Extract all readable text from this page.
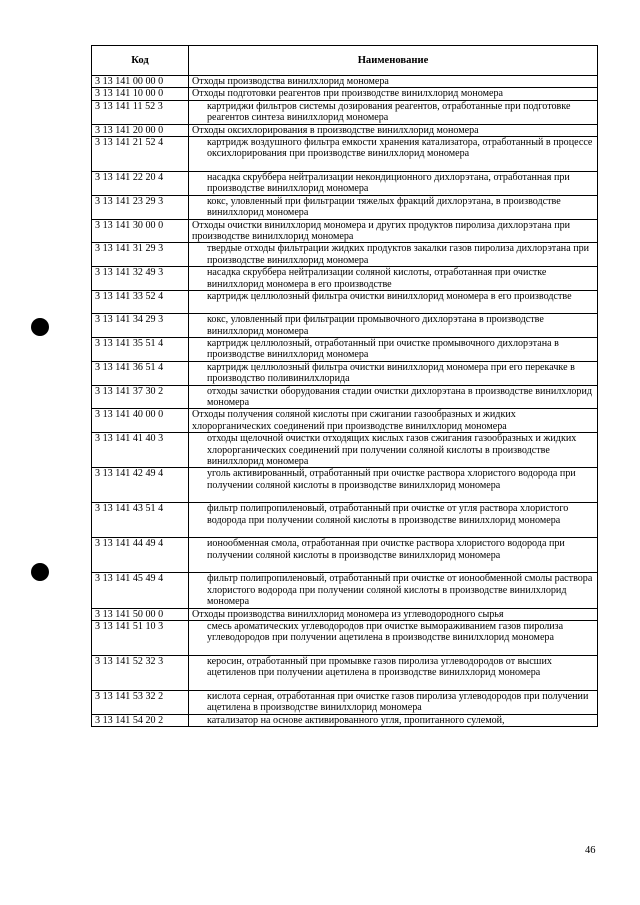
Код	Наименование
3 13 141 00 00 0	Отходы производства винилхлорид мономера
3 13 141 10 00 0	Отходы подготовки реагентов при производстве винилхлорид мономера
3 13 141 11 52 3	картриджи фильтров системы дозирования реагентов, отработанные при подготовке реагентов синтеза винилхлорид мономера
3 13 141 20 00 0	Отходы оксихлорирования в производстве винилхлорид мономера
3 13 141 21 52 4	картридж воздушного фильтра емкости хранения катализатора, отработанный в процессе оксихлорирования при производстве винилхлорид мономера
3 13 141 22 20 4	насадка скруббера нейтрализации некондиционного дихлорэтана, отработанная при производстве винилхлорид мономера
3 13 141 23 29 3	кокс, уловленный при фильтрации тяжелых фракций дихлорэтана, в производстве винилхлорид мономера
3 13 141 30 00 0	Отходы очистки винилхлорид мономера и других продуктов пиролиза дихлорэтана при производстве винилхлорид мономера
3 13 141 31 29 3	твердые отходы фильтрации жидких продуктов закалки газов пиролиза дихлорэтана при производстве винилхлорид мономера
3 13 141 32 49 3	насадка скруббера нейтрализации соляной кислоты, отработанная при очистке винилхлорид мономера в его производстве
3 13 141 33 52 4	картридж целлюлозный фильтра очистки винилхлорид мономера в его производстве
3 13 141 34 29 3	кокс, уловленный при фильтрации промывочного дихлорэтана в производстве винилхлорид мономера
3 13 141 35 51 4	картридж целлюлозный, отработанный при очистке промывочного дихлорэтана в производстве винилхлорид мономера
3 13 141 36 51 4	картридж целлюлозный фильтра очистки винилхлорид мономера при его перекачке в производство поливинилхлорида
3 13 141 37 30 2	отходы зачистки оборудования стадии очистки дихлорэтана в производстве винилхлорид мономера
3 13 141 40 00 0	Отходы получения соляной кислоты при сжигании газообразных и жидких хлорорганических соединений при производстве винилхлорид мономера
3 13 141 41 40 3	отходы щелочной очистки отходящих кислых газов сжигания газообразных и жидких хлорорганических соединений при получении соляной кислоты в производстве винилхлорид мономера
3 13 141 42 49 4	уголь активированный, отработанный при очистке раствора хлористого водорода при получении соляной кислоты в производстве винилхлорид мономера
3 13 141 43 51 4	фильтр полипропиленовый, отработанный при очистке от угля раствора хлористого водорода при получении соляной кислоты в производстве винилхлорид мономера
3 13 141 44 49 4	ионообменная смола, отработанная при очистке раствора хлористого водорода при получении соляной кислоты в производстве винилхлорид мономера
3 13 141 45 49 4	фильтр полипропиленовый, отработанный при очистке от ионообменной смолы раствора хлористого водорода при получении соляной кислоты в производстве винилхлорид мономера
3 13 141 50 00 0	Отходы производства винилхлорид мономера из углеводородного сырья
3 13 141 51 10 3	смесь ароматических углеводородов при очистке вымораживанием газов пиролиза углеводородов при получении ацетилена в производстве винилхлорид мономера
3 13 141 52 32 3	керосин, отработанный при промывке газов пиролиза углеводородов от высших ацетиленов при получении ацетилена в производстве винилхлорид мономера
3 13 141 53 32 2	кислота серная, отработанная при очистке газов пиролиза углеводородов при получении ацетилена в производстве винилхлорид мономера
3 13 141 54 20 2	катализатор на основе активированного угля, пропитанного сулемой,
46
